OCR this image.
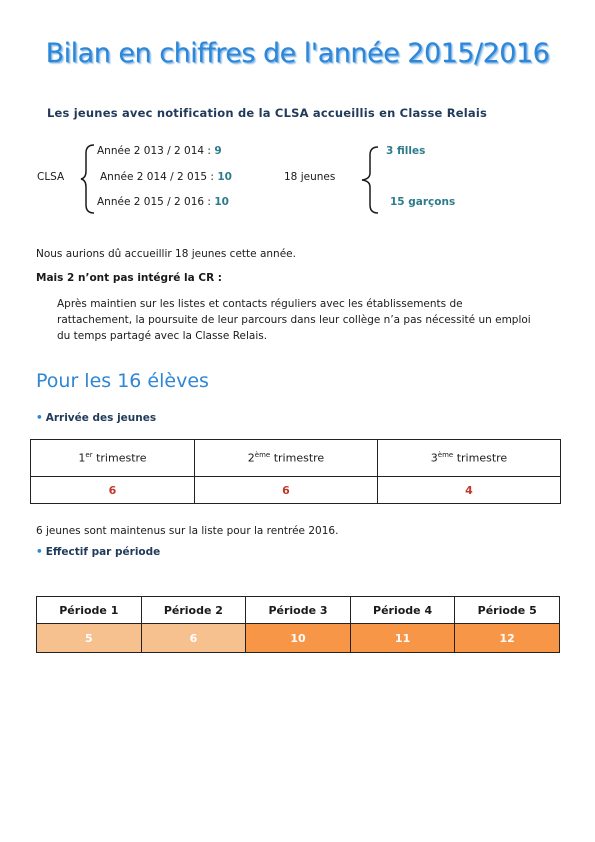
Bilan en chiffres de l'année 2015/2016
Les jeunes avec notification de la CLSA accueillis en Classe Relais
CLSA
Année 2 013 / 2 014 : 9
Année 2 014 / 2 015 : 10
Année 2 015 / 2 016 : 10
18 jeunes
3 filles
15 garçons
Nous aurions dû accueillir 18 jeunes cette année.
Mais 2 n’ont pas intégré la CR :
Après maintien sur les listes et contacts réguliers avec les établissements de
rattachement, la poursuite de leur parcours dans leur collège n’a pas nécessité un emploi
du temps partagé avec la Classe Relais.
Pour les 16 élèves
• Arrivée des jeunes
1er trimestre	2ème trimestre	3ème trimestre
6	6	4
6 jeunes sont maintenus sur la liste pour la rentrée 2016.
• Effectif par période
Période 1	Période 2	Période 3	Période 4	Période 5
5	6	10	11	12
